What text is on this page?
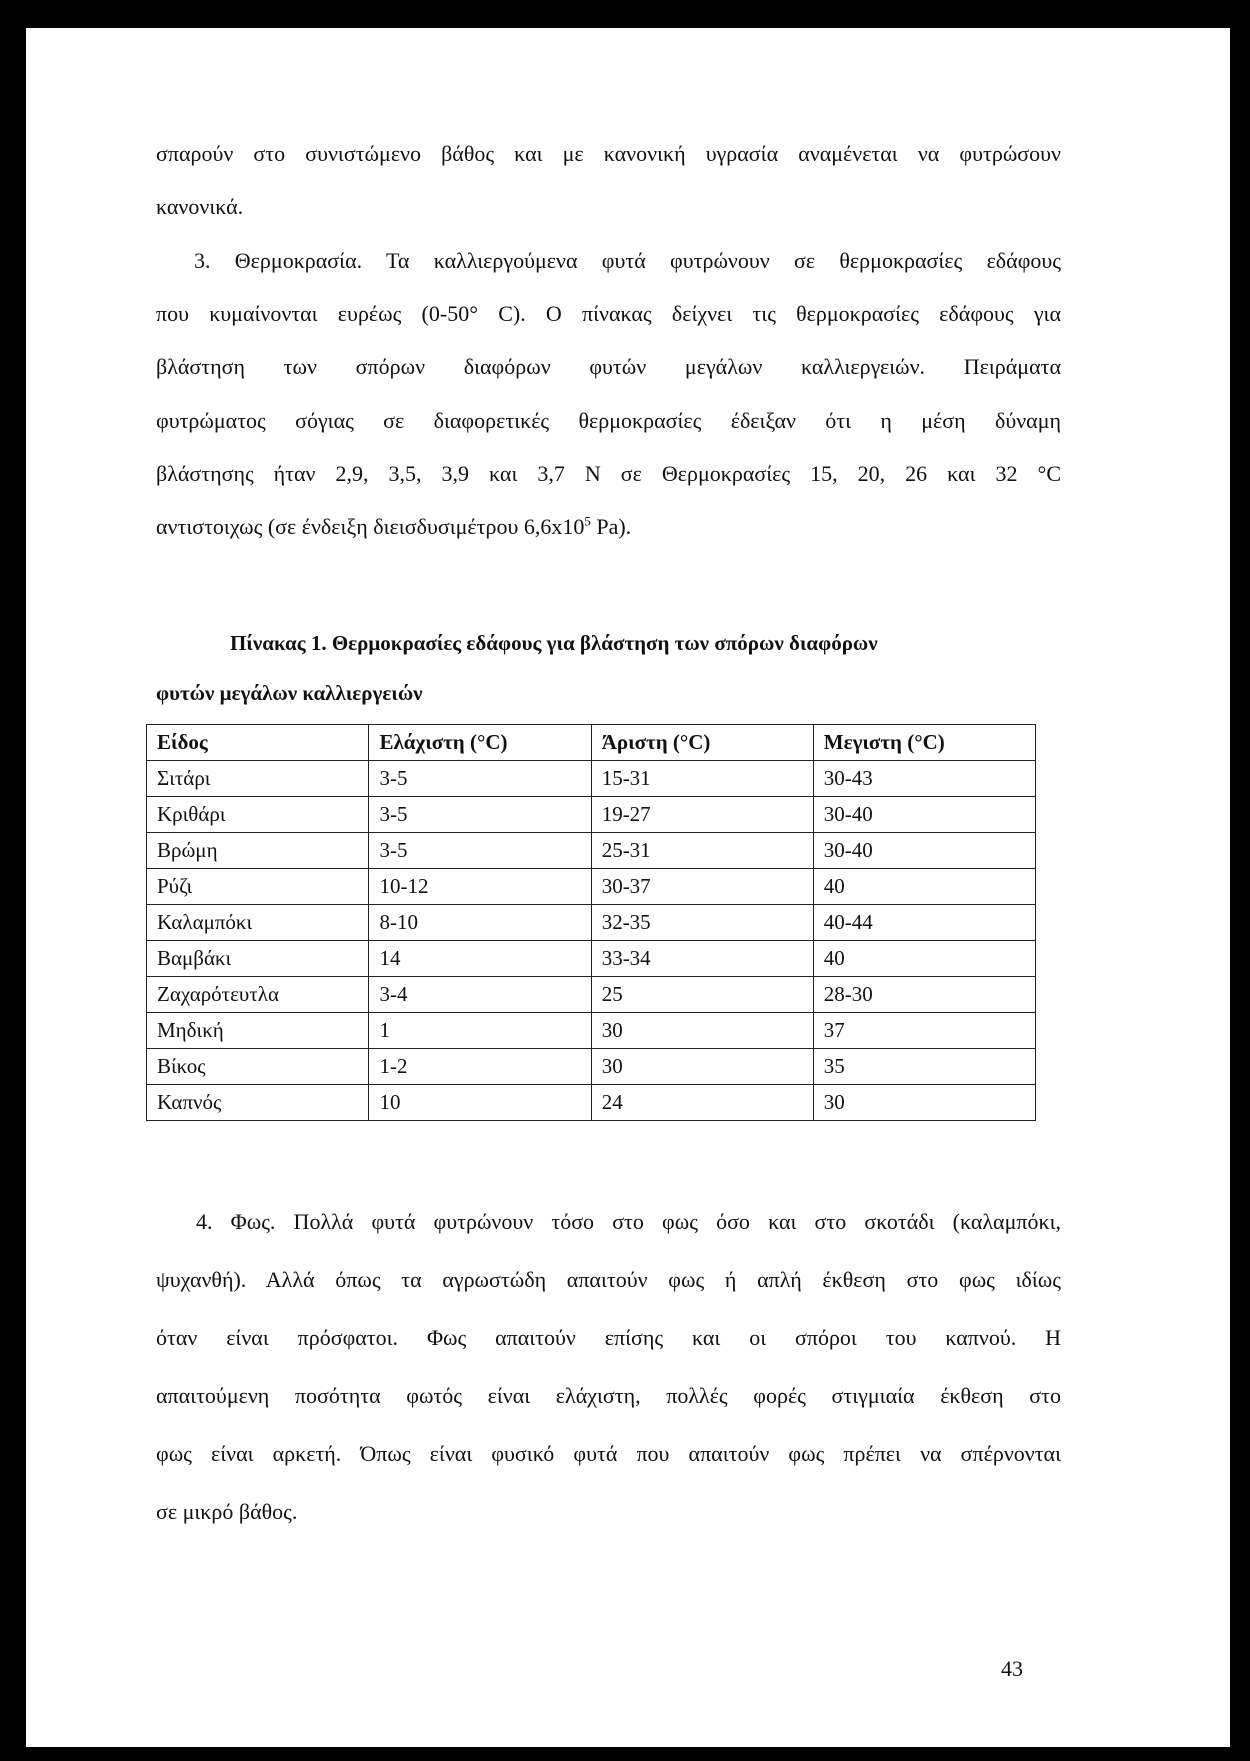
σπαρούν στο συνιστώμενο βάθος και με κανονική υγρασία αναμένεται να φυτρώσουν
κανονικά.
3. Θερμοκρασία. Τα καλλιεργούμενα φυτά φυτρώνουν σε θερμοκρασίες εδάφους
που κυμαίνονται ευρέως (0-50° C). Ο πίνακας δείχνει τις θερμοκρασίες εδάφους για
βλάστηση των σπόρων διαφόρων φυτών μεγάλων καλλιεργειών. Πειράματα
φυτρώματος σόγιας σε διαφορετικές θερμοκρασίες έδειξαν ότι η μέση δύναμη
βλάστησης ήταν 2,9, 3,5, 3,9 και 3,7 Ν σε Θερμοκρασίες 15, 20, 26 και 32 °C
αντιστοιχως (σε ένδειξη διεισδυσιμέτρου $6,6x10^5$ Pa).
Πίνακας 1. Θερμοκρασίες εδάφους για βλάστηση των σπόρων διαφόρων
φυτών μεγάλων καλλιεργειών
Είδος	Ελάχιστη (°C)	Άριστη (°C)	Μεγιστη (°C)
Σιτάρι	3-5	15-31	30-43
Κριθάρι	3-5	19-27	30-40
Βρώμη	3-5	25-31	30-40
Ρύζι	10-12	30-37	40
Καλαμπόκι	8-10	32-35	40-44
Βαμβάκι	14	33-34	40
Ζαχαρότευτλα	3-4	25	28-30
Μηδική	1	30	37
Βίκος	1-2	30	35
Καπνός	10	24	30
4. Φως. Πολλά φυτά φυτρώνουν τόσο στο φως όσο και στο σκοτάδι (καλαμπόκι,
ψυχανθή). Αλλά όπως τα αγρωστώδη απαιτούν φως ή απλή έκθεση στο φως ιδίως
όταν είναι πρόσφατοι. Φως απαιτούν επίσης και οι σπόροι του καπνού. Η
απαιτούμενη ποσότητα φωτός είναι ελάχιστη, πολλές φορές στιγμιαία έκθεση στο
φως είναι αρκετή. Όπως είναι φυσικό φυτά που απαιτούν φως πρέπει να σπέρνονται
σε μικρό βάθος.
43
